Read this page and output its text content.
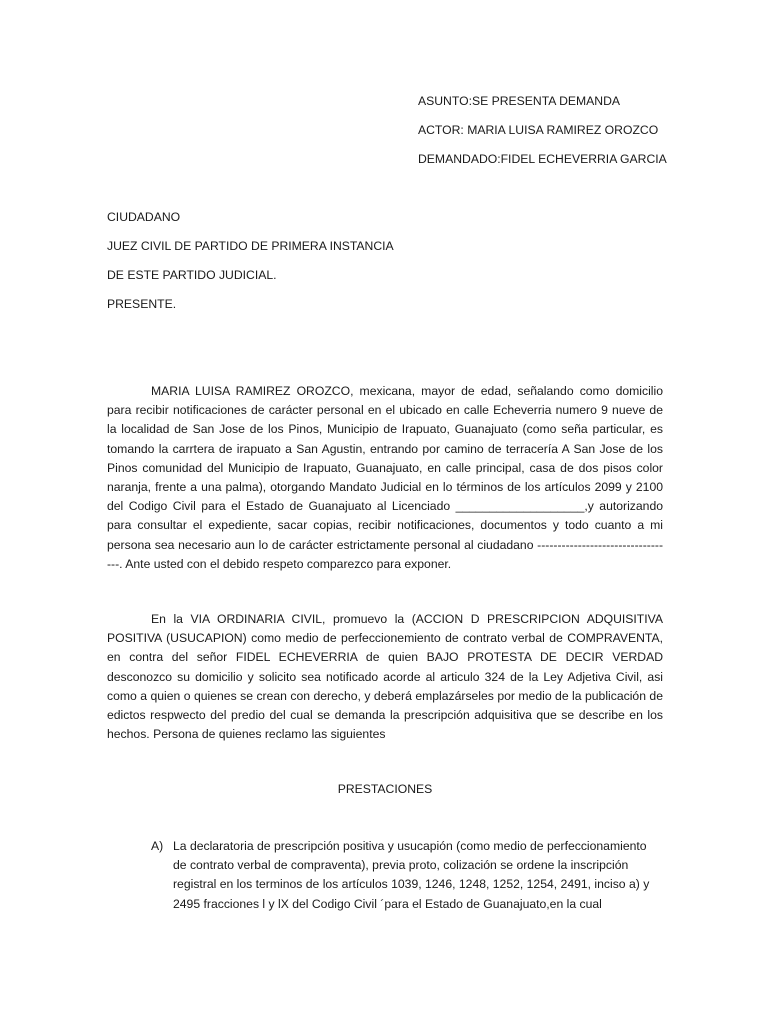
ASUNTO:SE PRESENTA DEMANDA
ACTOR: MARIA LUISA RAMIREZ OROZCO
DEMANDADO:FIDEL ECHEVERRIA GARCIA
CIUDADANO
JUEZ CIVIL DE PARTIDO DE PRIMERA INSTANCIA
DE ESTE PARTIDO JUDICIAL.
PRESENTE.

MARIA LUISA RAMIREZ OROZCO, mexicana, mayor de edad, señalando como domicilio para recibir notificaciones de carácter personal en el ubicado en calle Echeverria numero 9 nueve de la localidad de San Jose de los Pinos, Municipio de Irapuato, Guanajuato (como seña particular, es tomando la carrtera de irapuato a San Agustin, entrando por camino de terracería A San Jose de los Pinos comunidad del Municipio de Irapuato, Guanajuato, en calle principal, casa de dos pisos color naranja, frente a una palma), otorgando Mandato Judicial en lo términos de los artículos 2099 y 2100 del Codigo Civil para el Estado de Guanajuato al Licenciado ___________________,y autorizando para consultar el expediente, sacar copias, recibir notificaciones, documentos y todo cuanto a mi persona sea necesario aun lo de carácter estrictamente personal al ciudadano ----------------------------------. Ante usted con el debido respeto comparezco para exponer.

En la VIA ORDINARIA CIVIL, promuevo la (ACCION D PRESCRIPCION ADQUISITIVA POSITIVA (USUCAPION) como medio de perfeccionemiento de contrato verbal de COMPRAVENTA, en contra del señor FIDEL ECHEVERRIA de quien BAJO PROTESTA DE DECIR VERDAD desconozco su domicilio y solicito sea notificado acorde al articulo 324 de la Ley Adjetiva Civil, asi como a quien o quienes se crean con derecho, y deberá emplazárseles por medio de la publicación de edictos respwecto del predio del cual se demanda la prescripción adquisitiva que se describe en los hechos. Persona de quienes reclamo las siguientes

PRESTACIONES
A) La declaratoria de prescripción positiva y usucapión (como medio de perfeccionamiento de contrato verbal de compraventa), previa proto, colización se ordene la inscripción registral en los terminos de los artículos 1039, 1246, 1248, 1252, 1254, 2491, inciso a) y 2495 fracciones l y lX del Codigo Civil ´para el Estado de Guanajuato,en la cual
